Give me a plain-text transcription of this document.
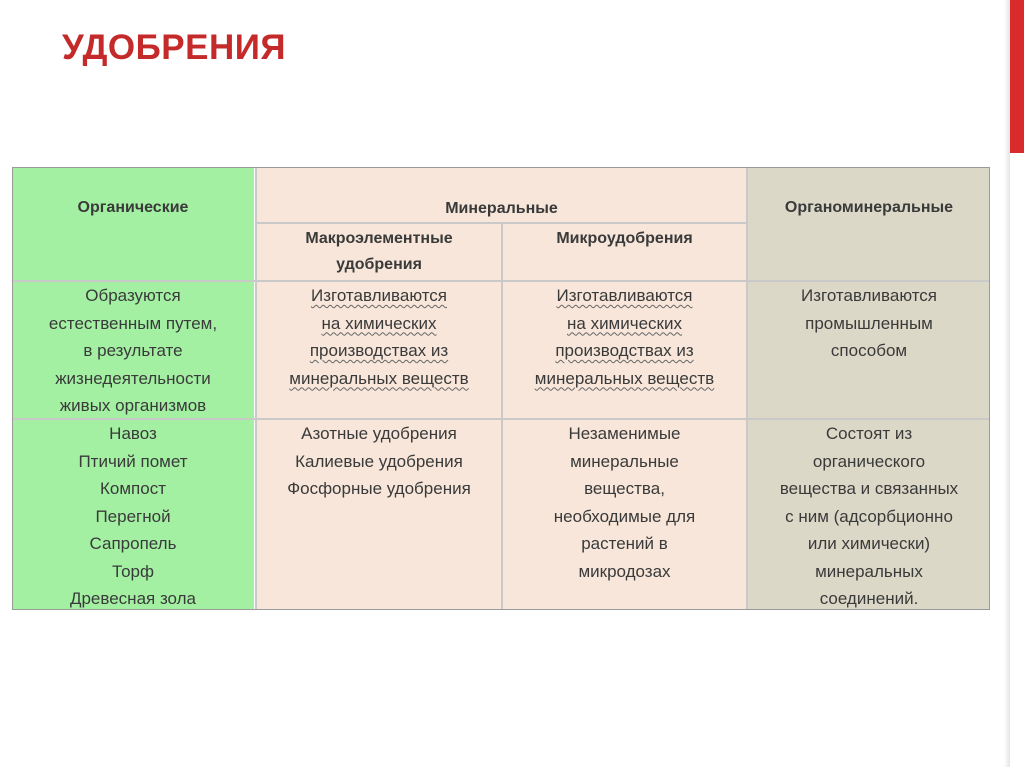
УДОБРЕНИЯ
Органические	Минеральные
Макроэлементные
удобрения
Микроудобрения
Органоминеральные
Образуются
естественным путем,
в результате
жизнедеятельности
живых организмов
Изготавливаются
на химических
производствах из
минеральных веществ
Изготавливаются
на химических
производствах из
минеральных веществ
Изготавливаются
промышленным
способом
Навоз
Птичий помет
Компост
Перегной
Сапропель
Торф
Древесная зола
Азотные удобрения
Калиевые удобрения
Фосфорные удобрения
Незаменимые
минеральные
вещества,
необходимые для
растений в
микродозах
Состоят из
органического
вещества и связанных
с ним (адсорбционно
или химически)
минеральных
соединений.
